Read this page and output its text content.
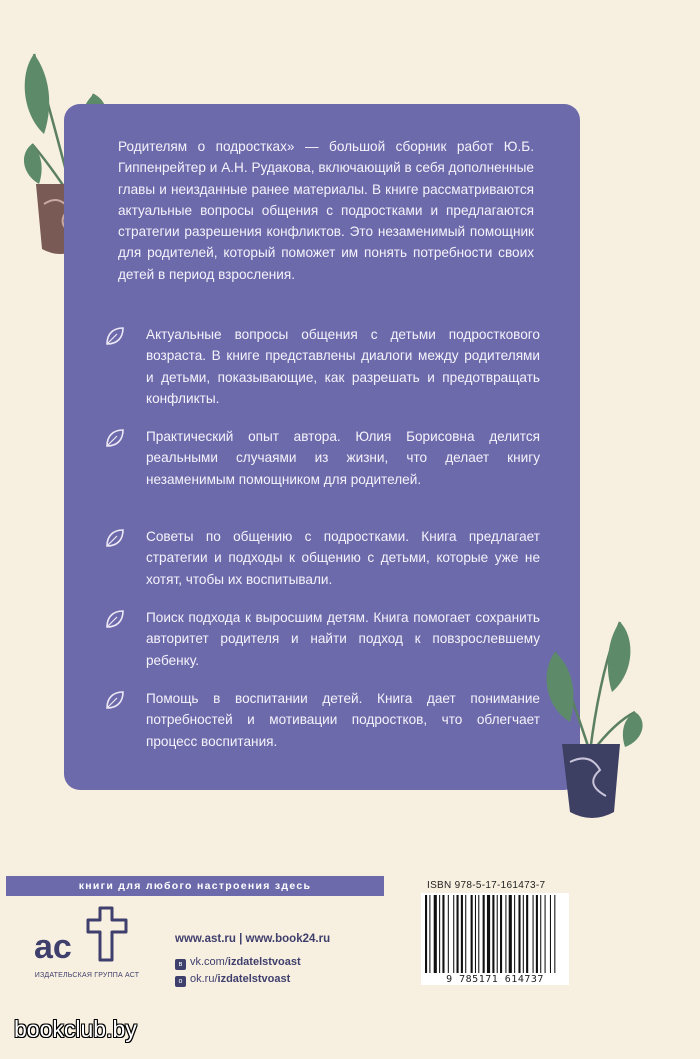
Родителям о подростках» — большой сборник работ Ю.Б. Гиппенрейтер и А.Н. Рудакова, включающий в себя дополненные главы и неизданные ранее материалы. В книге рассматриваются актуальные вопросы общения с подростками и предлагаются стратегии разрешения конфликтов. Это незаменимый помощник для родителей, который поможет им понять потребности своих детей в период взросления.

Актуальные вопросы общения с детьми подросткового возраста. В книге представлены диалоги между родителями и детьми, показывающие, как разрешать и предотвращать конфликты.

Практический опыт автора. Юлия Борисовна делится реальными случаями из жизни, что делает книгу незаменимым помощником для родителей.

Советы по общению с подростками. Книга предлагает стратегии и подходы к общению с детьми, которые уже не хотят, чтобы их воспитывали.

Поиск подхода к выросшим детям. Книга помогает сохранить авторитет родителя и найти подход к повзрослевшему ребенку.

Помощь в воспитании детей. Книга дает понимание потребностей и мотивации подростков, что облегчает процесс воспитания.

книги для любого настроения здесь
ac
ИЗДАТЕЛЬСКАЯ ГРУППА АСТ
www.ast.ru | www.book24.ru
в vk.com/izdatelstvoast
о ok.ru/izdatelstvoast
ISBN 978-5-17-161473-7
9 785171 614737
bookclub.by
